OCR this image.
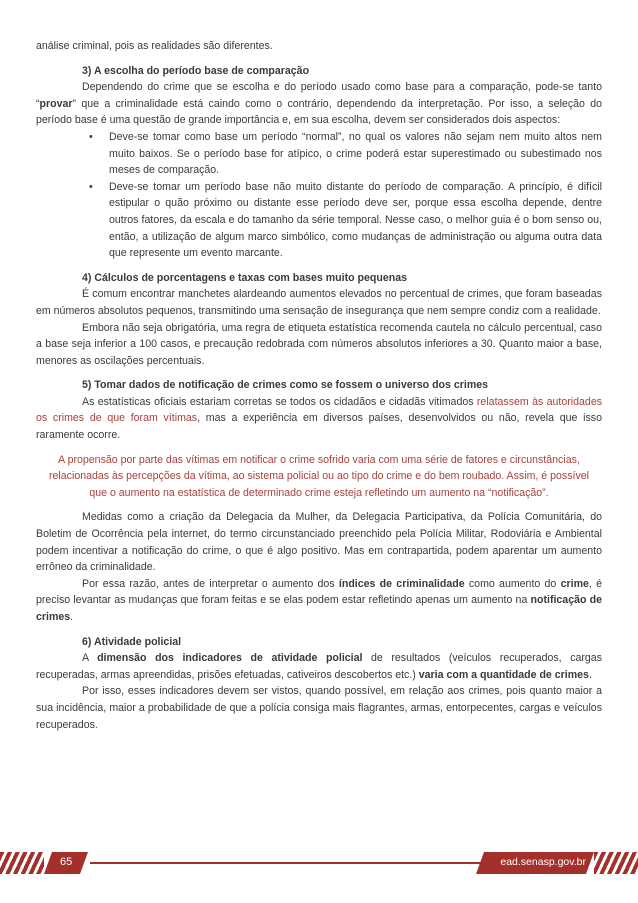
análise criminal, pois as realidades são diferentes.

3) A escolha do período base de comparação

Dependendo do crime que se escolha e do período usado como base para a comparação, pode-se tanto “provar” que a criminalidade está caindo como o contrário, dependendo da interpretação. Por isso, a seleção do período base é uma questão de grande importância e, em sua escolha, devem ser considerados dois aspectos:

• Deve-se tomar como base um período “normal”, no qual os valores não sejam nem muito altos nem muito baixos. Se o período base for atípico, o crime poderá estar superestimado ou subestimado nos meses de comparação.
• Deve-se tomar um período base não muito distante do período de comparação. A princípio, é difícil estipular o quão próximo ou distante esse período deve ser, porque essa escolha depende, dentre outros fatores, da escala e do tamanho da série temporal. Nesse caso, o melhor guia é o bom senso ou, então, a utilização de algum marco simbólico, como mudanças de administração ou alguma outra data que represente um evento marcante.
4) Cálculos de porcentagens e taxas com bases muito pequenas

É comum encontrar manchetes alardeando aumentos elevados no percentual de crimes, que foram baseadas em números absolutos pequenos, transmitindo uma sensação de insegurança que nem sempre condiz com a realidade.

Embora não seja obrigatória, uma regra de etiqueta estatística recomenda cautela no cálculo percentual, caso a base seja inferior a 100 casos, e precaução redobrada com números absolutos inferiores a 30. Quanto maior a base, menores as oscilações percentuais.

5) Tomar dados de notificação de crimes como se fossem o universo dos crimes

As estatísticas oficiais estariam corretas se todos os cidadãos e cidadãs vitimados relatassem às autoridades os crimes de que foram vítimas, mas a experiência em diversos países, desenvolvidos ou não, revela que isso raramente ocorre.

A propensão por parte das vítimas em notificar o crime sofrido varia com uma série de fatores e circunstâncias, relacionadas às percepções da vítima, ao sistema policial ou ao tipo do crime e do bem roubado. Assim, é possível que o aumento na estatística de determinado crime esteja refletindo um aumento na “notificação”.

Medidas como a criação da Delegacia da Mulher, da Delegacia Participativa, da Polícia Comunitária, do Boletim de Ocorrência pela internet, do termo circunstanciado preenchido pela Polícia Militar, Rodoviária e Ambiental podem incentivar a notificação do crime, o que é algo positivo. Mas em contrapartida, podem aparentar um aumento errôneo da criminalidade.

Por essa razão, antes de interpretar o aumento dos índices de criminalidade como aumento do crime, é preciso levantar as mudanças que foram feitas e se elas podem estar refletindo apenas um aumento na notificação de crimes.

6) Atividade policial

A dimensão dos indicadores de atividade policial de resultados (veículos recuperados, cargas recuperadas, armas apreendidas, prisões efetuadas, cativeiros descobertos etc.) varia com a quantidade de crimes.

Por isso, esses indicadores devem ser vistos, quando possível, em relação aos crimes, pois quanto maior a sua incidência, maior a probabilidade de que a polícia consiga mais flagrantes, armas, entorpecentes, cargas e veículos recuperados.

65	ead.senasp.gov.br
